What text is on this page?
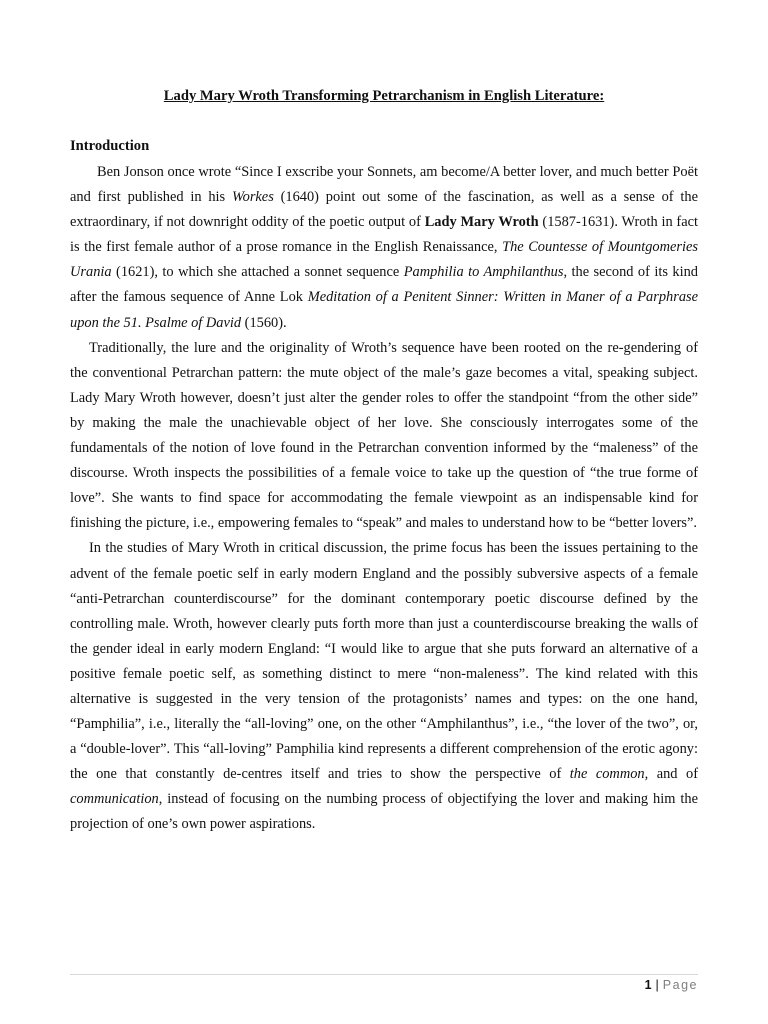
Lady Mary Wroth Transforming Petrarchanism in English Literature:
Introduction

Ben Jonson once wrote “Since I exscribe your Sonnets, am become/A better lover, and much better Poët and first published in his Workes (1640) point out some of the fascination, as well as a sense of the extraordinary, if not downright oddity of the poetic output of Lady Mary Wroth (1587-1631). Wroth in fact is the first female author of a prose romance in the English Renaissance, The Countesse of Mountgomeries Urania (1621), to which she attached a sonnet sequence Pamphilia to Amphilanthus, the second of its kind after the famous sequence of Anne Lok Meditation of a Penitent Sinner: Written in Maner of a Parphrase upon the 51. Psalme of David (1560).

Traditionally, the lure and the originality of Wroth’s sequence have been rooted on the re-gendering of the conventional Petrarchan pattern: the mute object of the male’s gaze becomes a vital, speaking subject. Lady Mary Wroth however, doesn’t just alter the gender roles to offer the standpoint “from the other side” by making the male the unachievable object of her love. She consciously interrogates some of the fundamentals of the notion of love found in the Petrarchan convention informed by the “maleness” of the discourse. Wroth inspects the possibilities of a female voice to take up the question of “the true forme of love”. She wants to find space for accommodating the female viewpoint as an indispensable kind for finishing the picture, i.e., empowering females to “speak” and males to understand how to be “better lovers”.

In the studies of Mary Wroth in critical discussion, the prime focus has been the issues pertaining to the advent of the female poetic self in early modern England and the possibly subversive aspects of a female “anti-Petrarchan counterdiscourse” for the dominant contemporary poetic discourse defined by the controlling male. Wroth, however clearly puts forth more than just a counterdiscourse breaking the walls of the gender ideal in early modern England: “I would like to argue that she puts forward an alternative of a positive female poetic self, as something distinct to mere “non-maleness”. The kind related with this alternative is suggested in the very tension of the protagonists’ names and types: on the one hand, “Pamphilia”, i.e., literally the “all-loving” one, on the other “Amphilanthus”, i.e., “the lover of the two”, or, a “double-lover”. This “all-loving” Pamphilia kind represents a different comprehension of the erotic agony: the one that constantly de-centres itself and tries to show the perspective of the common, and of communication, instead of focusing on the numbing process of objectifying the lover and making him the projection of one’s own power aspirations.

1 | Page
